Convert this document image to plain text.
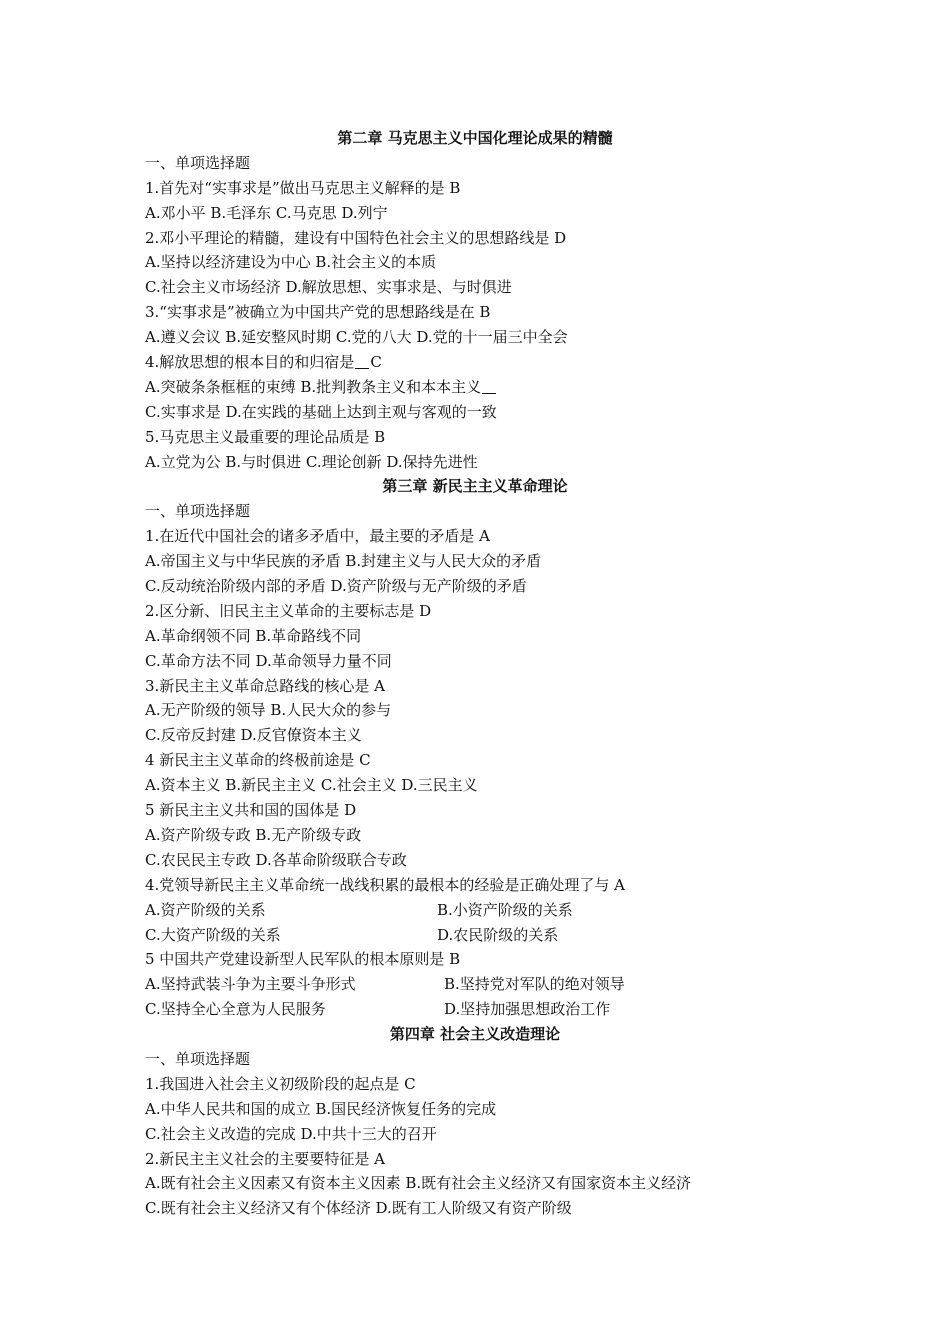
第二章 马克思主义中国化理论成果的精髓
一、单项选择题
1.首先对“实事求是”做出马克思主义解释的是 B
A.邓小平 B.毛泽东 C.马克思 D.列宁
2.邓小平理论的精髓，建设有中国特色社会主义的思想路线是 D
A.坚持以经济建设为中心 B.社会主义的本质
C.社会主义市场经济 D.解放思想、实事求是、与时俱进
3.“实事求是”被确立为中国共产党的思想路线是在 B
A.遵义会议 B.延安整风时期 C.党的八大 D.党的十一届三中全会
4.解放思想的根本目的和归宿是 C
A.突破条条框框的束缚 B.批判教条主义和本本主义
C.实事求是 D.在实践的基础上达到主观与客观的一致
5.马克思主义最重要的理论品质是 B
A.立党为公 B.与时俱进 C.理论创新 D.保持先进性
第三章 新民主主义革命理论
一、单项选择题
1.在近代中国社会的诸多矛盾中，最主要的矛盾是 A
A.帝国主义与中华民族的矛盾 B.封建主义与人民大众的矛盾
C.反动统治阶级内部的矛盾 D.资产阶级与无产阶级的矛盾
2.区分新、旧民主主义革命的主要标志是 D
A.革命纲领不同 B.革命路线不同
C.革命方法不同 D.革命领导力量不同
3.新民主主义革命总路线的核心是 A
A.无产阶级的领导 B.人民大众的参与
C.反帝反封建 D.反官僚资本主义
4 新民主主义革命的终极前途是 C
A.资本主义 B.新民主主义 C.社会主义 D.三民主义
5 新民主主义共和国的国体是 D
A.资产阶级专政 B.无产阶级专政
C.农民民主专政 D.各革命阶级联合专政
4.党领导新民主主义革命统一战线积累的最根本的经验是正确处理了与 A
A.资产阶级的关系	B.小资产阶级的关系
C.大资产阶级的关系	D.农民阶级的关系
5 中国共产党建设新型人民军队的根本原则是 B
A.坚持武装斗争为主要斗争形式	B.坚持党对军队的绝对领导
C.坚持全心全意为人民服务	D.坚持加强思想政治工作
第四章 社会主义改造理论
一、单项选择题
1.我国进入社会主义初级阶段的起点是 C
A.中华人民共和国的成立 B.国民经济恢复任务的完成
C.社会主义改造的完成 D.中共十三大的召开
2.新民主主义社会的主要要特征是 A
A.既有社会主义因素又有资本主义因素 B.既有社会主义经济又有国家资本主义经济
C.既有社会主义经济又有个体经济 D.既有工人阶级又有资产阶级
